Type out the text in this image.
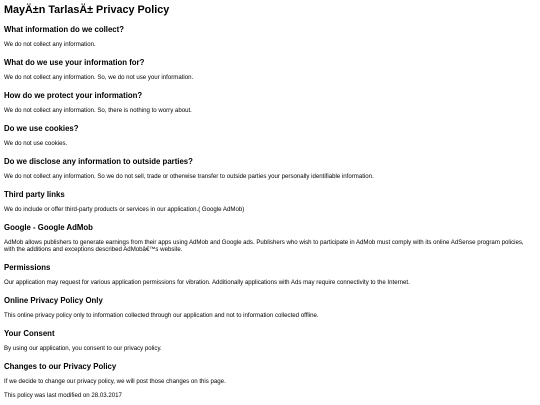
MayÄ±n TarlasÄ± Privacy Policy
What information do we collect?

We do not collect any information.

What do we use your information for?

We do not collect any information. So, we do not use your information.

How do we protect your information?

We do not collect any information. So, there is nothing to worry about.

Do we use cookies?

We do not use cookies.

Do we disclose any information to outside parties?

We do not collect any information. So we do not sell, trade or otherwise transfer to outside parties your personally identifiable information.

Third party links

We do include or offer third-party products or services in our application.( Google AdMob)

Google - Google AdMob

AdMob allows publishers to generate earnings from their apps using AdMob and Google ads. Publishers who wish to participate in AdMob must comply with its online AdSense program policies, with the additions and exceptions described AdMobâ€™s website.

Permissions

Our application may request for various application permissions for vibration. Additionally applications with Ads may require connectivity to the Internet.

Online Privacy Policy Only

This online privacy policy only to information collected through our application and not to information collected offline.

Your Consent

By using our application, you consent to our privacy policy.

Changes to our Privacy Policy

If we decide to change our privacy policy, we will post those changes on this page.

This policy was last modified on 28.03.2017
